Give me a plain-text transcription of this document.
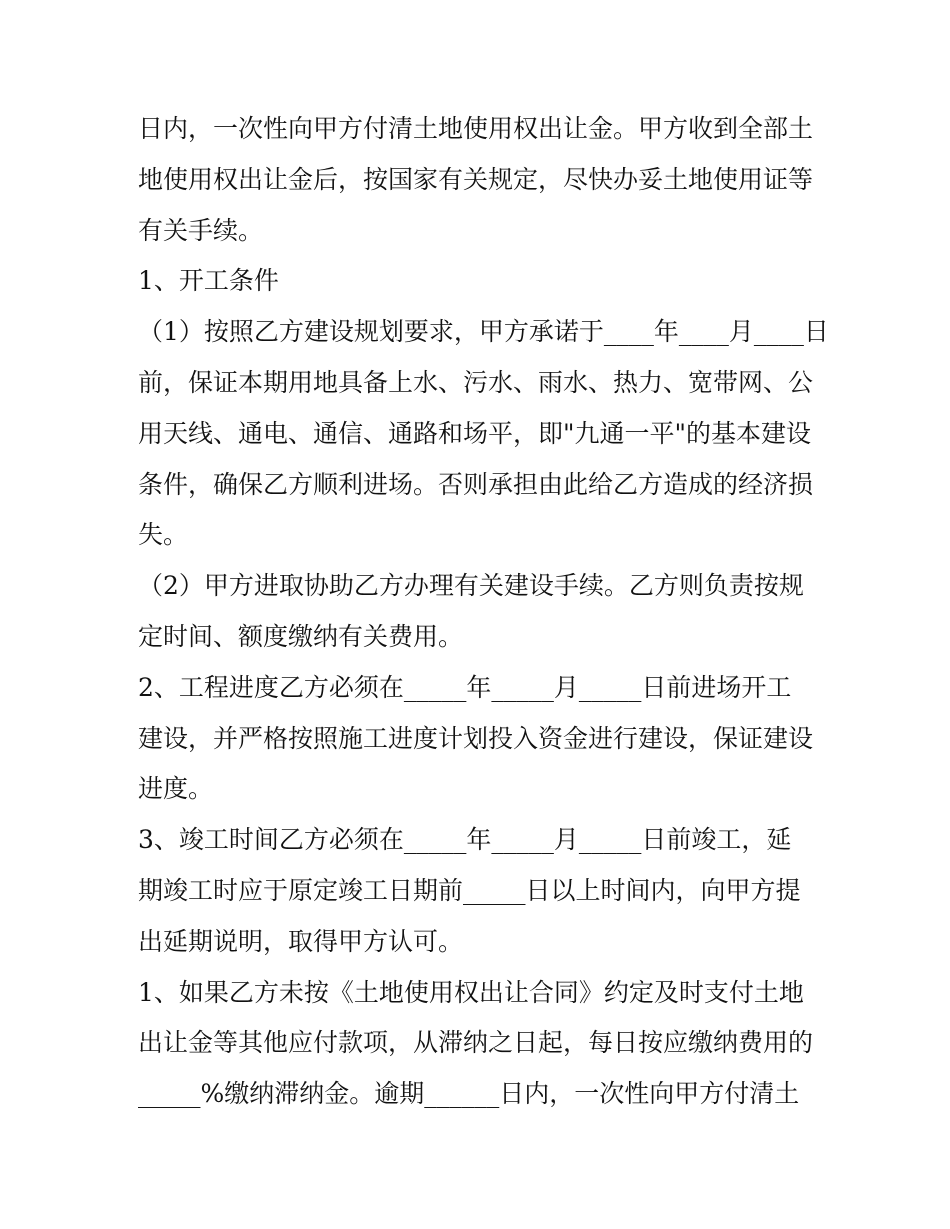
日内，一次性向甲方付清土地使用权出让金。甲方收到全部土
地使用权出让金后，按国家有关规定，尽快办妥土地使用证等
有关手续。
1、开工条件
（1）按照乙方建设规划要求，甲方承诺于____年____月____日
前，保证本期用地具备上水、污水、雨水、热力、宽带网、公
用天线、通电、通信、通路和场平，即"九通一平"的基本建设
条件，确保乙方顺利进场。否则承担由此给乙方造成的经济损
失。
（2）甲方进取协助乙方办理有关建设手续。乙方则负责按规
定时间、额度缴纳有关费用。
2、工程进度乙方必须在_____年_____月_____日前进场开工
建设，并严格按照施工进度计划投入资金进行建设，保证建设
进度。
3、竣工时间乙方必须在_____年_____月_____日前竣工，延
期竣工时应于原定竣工日期前_____日以上时间内，向甲方提
出延期说明，取得甲方认可。
1、如果乙方未按《土地使用权出让合同》约定及时支付土地
出让金等其他应付款项，从滞纳之日起，每日按应缴纳费用的
_____%缴纳滞纳金。逾期______日内，一次性向甲方付清土
